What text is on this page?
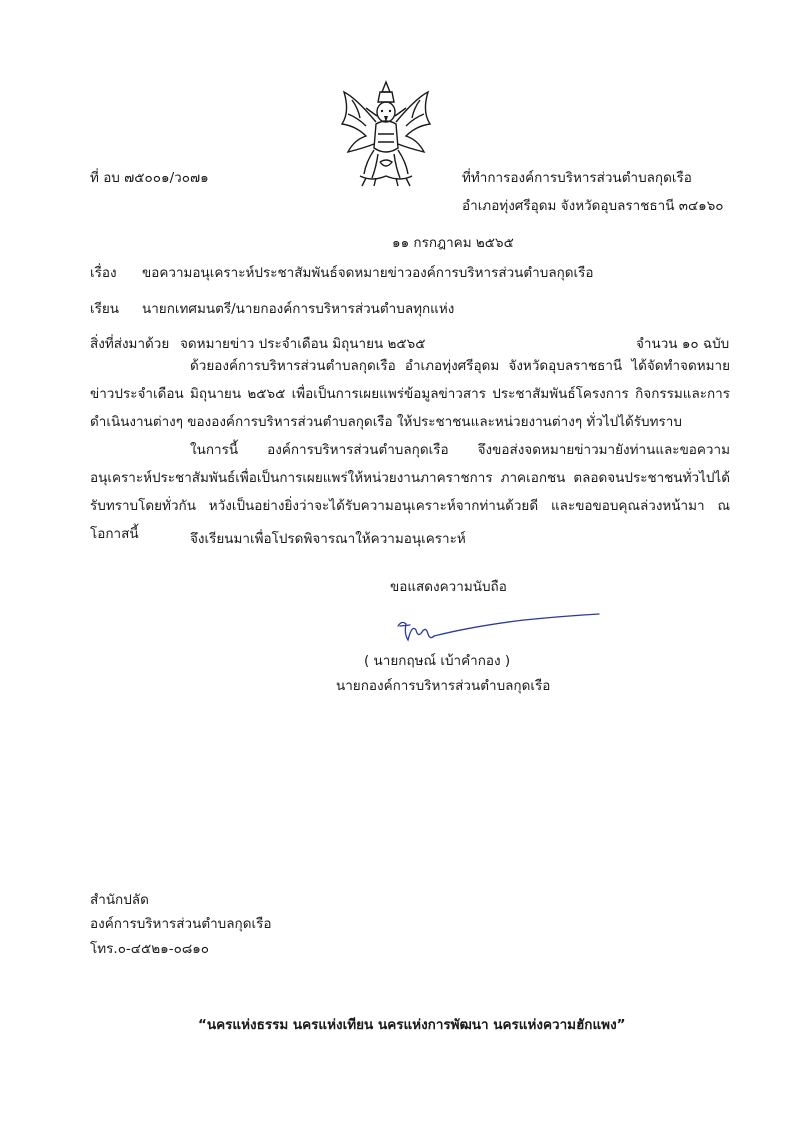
ที่ อบ ๗๕๐๐๑/ว๐๗๑	ที่ทำการองค์การบริหารส่วนตำบลกุดเรือ
อำเภอทุ่งศรีอุดม จังหวัดอุบลราชธานี ๓๔๑๖๐
๑๑ กรกฎาคม ๒๕๖๕
เรื่อง ขอความอนุเคราะห์ประชาสัมพันธ์จดหมายข่าวองค์การบริหารส่วนตำบลกุดเรือ
เรียน นายกเทศมนตรี/นายกองค์การบริหารส่วนตำบลทุกแห่ง
สิ่งที่ส่งมาด้วย จดหมายข่าว ประจำเดือน มิถุนายน ๒๕๖๕	จำนวน ๑๐ ฉบับ

ด้วยองค์การบริหารส่วนตำบลกุดเรือ อำเภอทุ่งศรีอุดม จังหวัดอุบลราชธานี ได้จัดทำจดหมายข่าวประจำเดือน มิถุนายน ๒๕๖๕ เพื่อเป็นการเผยแพร่ข้อมูลข่าวสาร ประชาสัมพันธ์โครงการ กิจกรรมและการดำเนินงานต่างๆ ขององค์การบริหารส่วนตำบลกุดเรือ ให้ประชาชนและหน่วยงานต่างๆ ทั่วไปได้รับทราบ

ในการนี้ องค์การบริหารส่วนตำบลกุดเรือ จึงขอส่งจดหมายข่าวมายังท่านและขอความอนุเคราะห์ประชาสัมพันธ์เพื่อเป็นการเผยแพร่ให้หน่วยงานภาคราชการ ภาคเอกชน ตลอดจนประชาชนทั่วไปได้รับทราบโดยทั่วกัน หวังเป็นอย่างยิ่งว่าจะได้รับความอนุเคราะห์จากท่านด้วยดี และขอขอบคุณล่วงหน้ามา ณ โอกาสนี้	จึงเรียนมาเพื่อโปรดพิจารณาให้ความอนุเคราะห์
ขอแสดงความนับถือ
( นายกฤษณ์ เบ้าคำกอง )
นายกองค์การบริหารส่วนตำบลกุดเรือ
สำนักปลัด
องค์การบริหารส่วนตำบลกุดเรือ
โทร.๐-๔๕๒๑-๐๘๑๐
“นครแห่งธรรม นครแห่งเทียน นครแห่งการพัฒนา นครแห่งความฮักแพง”
